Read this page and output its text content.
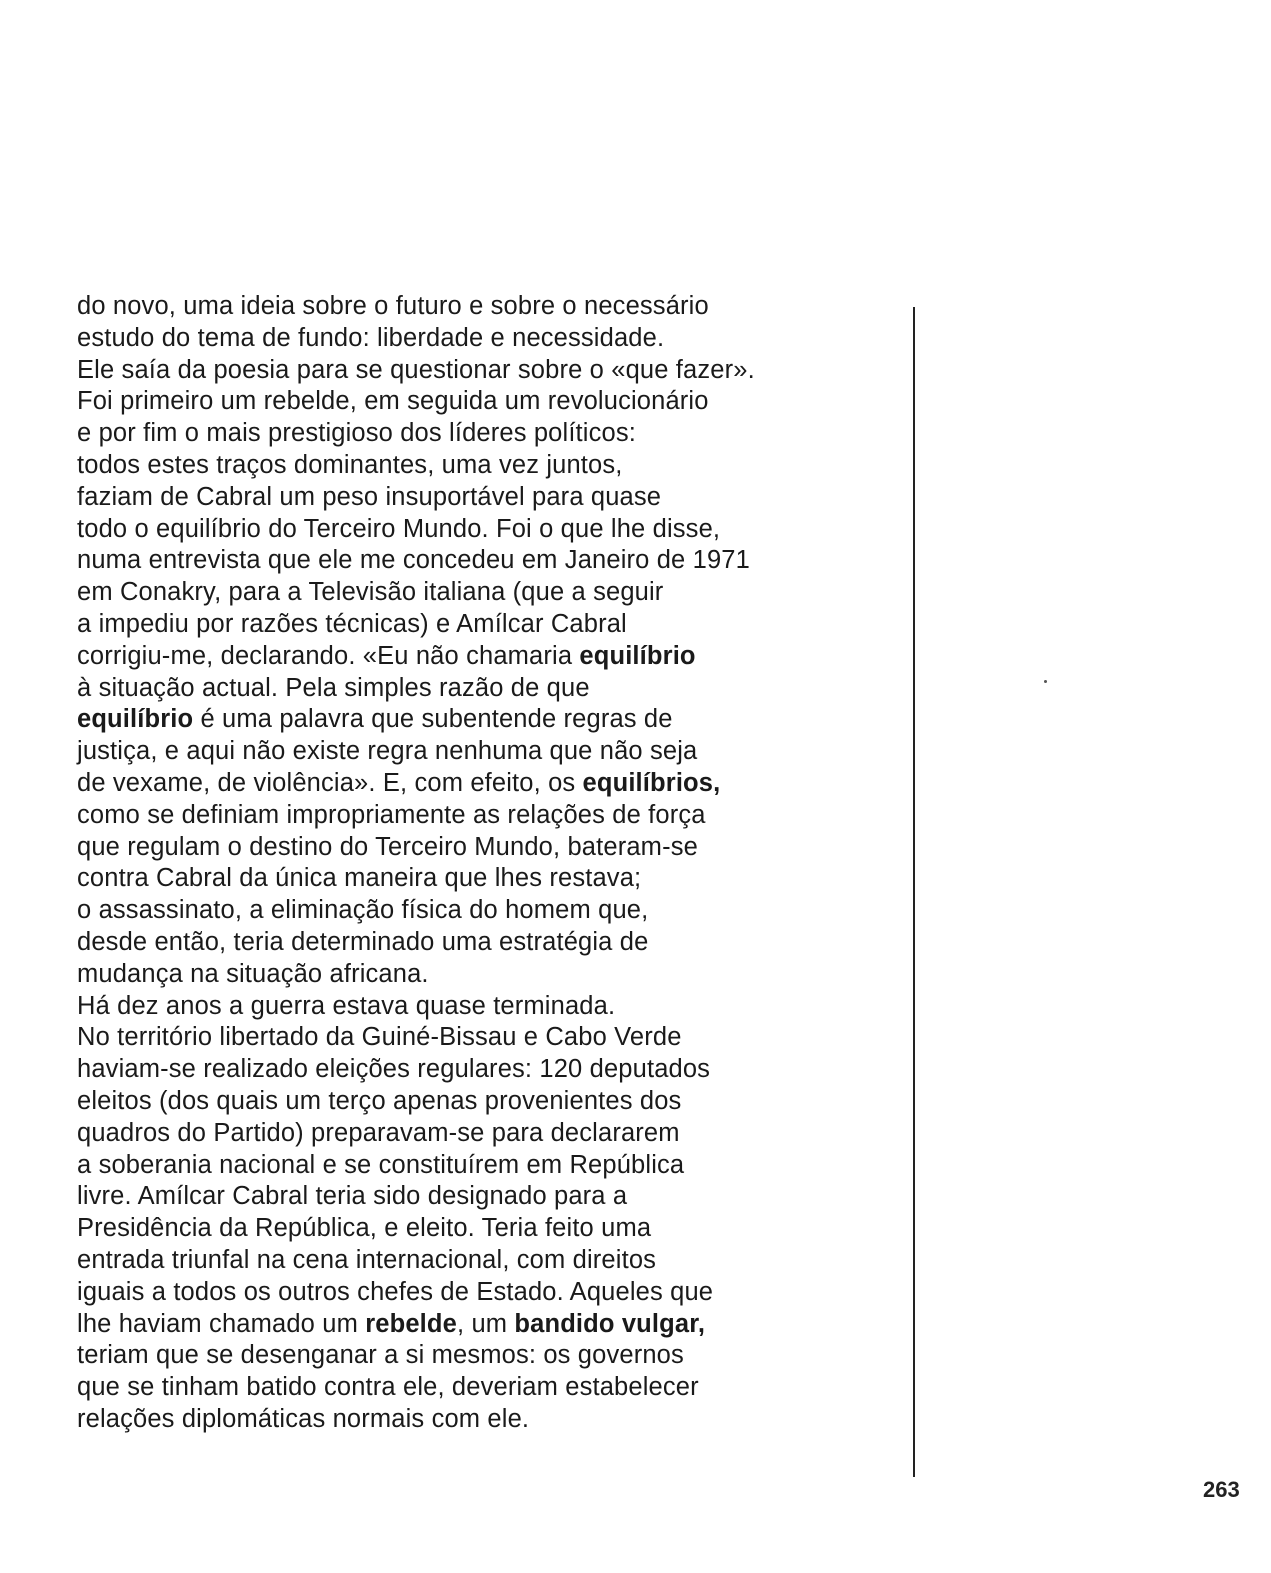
do novo, uma ideia sobre o futuro e sobre o necessário
estudo do tema de fundo: liberdade e necessidade.
Ele saía da poesia para se questionar sobre o «que fazer».
Foi primeiro um rebelde, em seguida um revolucionário
e por fim o mais prestigioso dos líderes políticos:
todos estes traços dominantes, uma vez juntos,
faziam de Cabral um peso insuportável para quase
todo o equilíbrio do Terceiro Mundo. Foi o que lhe disse,
numa entrevista que ele me concedeu em Janeiro de 1971
em Conakry, para a Televisão italiana (que a seguir
a impediu por razões técnicas) e Amílcar Cabral
corrigiu-me, declarando. «Eu não chamaria equilíbrio
à situação actual. Pela simples razão de que
equilíbrio é uma palavra que subentende regras de
justiça, e aqui não existe regra nenhuma que não seja
de vexame, de violência». E, com efeito, os equilíbrios,
como se definiam impropriamente as relações de força
que regulam o destino do Terceiro Mundo, bateram-se
contra Cabral da única maneira que lhes restava;
o assassinato, a eliminação física do homem que,
desde então, teria determinado uma estratégia de
mudança na situação africana.
Há dez anos a guerra estava quase terminada.
No território libertado da Guiné-Bissau e Cabo Verde
haviam-se realizado eleições regulares: 120 deputados
eleitos (dos quais um terço apenas provenientes dos
quadros do Partido) preparavam-se para declararem
a soberania nacional e se constituírem em República
livre. Amílcar Cabral teria sido designado para a
Presidência da República, e eleito. Teria feito uma
entrada triunfal na cena internacional, com direitos
iguais a todos os outros chefes de Estado. Aqueles que
lhe haviam chamado um rebelde, um bandido vulgar,
teriam que se desenganar a si mesmos: os governos
que se tinham batido contra ele, deveriam estabelecer
relações diplomáticas normais com ele.
263
